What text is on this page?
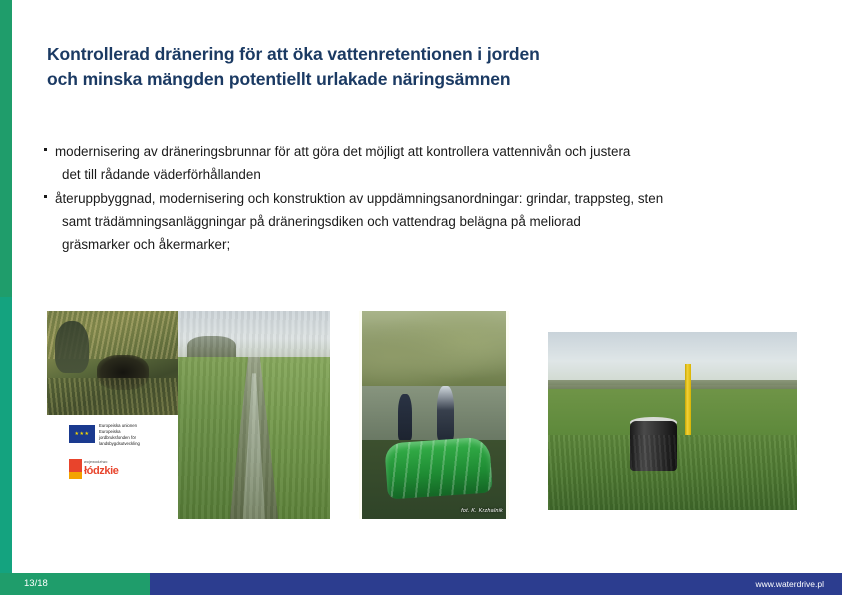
Kontrollerad dränering för att öka vattenretentionen i jorden
och minska mängden potentiellt urlakade näringsämnen
modernisering av dräneringsbrunnar för att göra det möjligt att kontrollera vattennivån och justera
det till rådande väderförhållanden
återuppbyggnad, modernisering och konstruktion av uppdämningsanordningar: grindar, trappsteg, sten
samt trädämningsanläggningar på dräneringsdiken och vattendrag belägna på meliorad
gräsmarker och åkermarker;
★★★
Europeiska unionen Europeiska jordbruksfonden för landsbygdsutveckling
wojewodztwo
łódzkie
fot. K. Krzhalnik
13/18	www.waterdrive.pl
